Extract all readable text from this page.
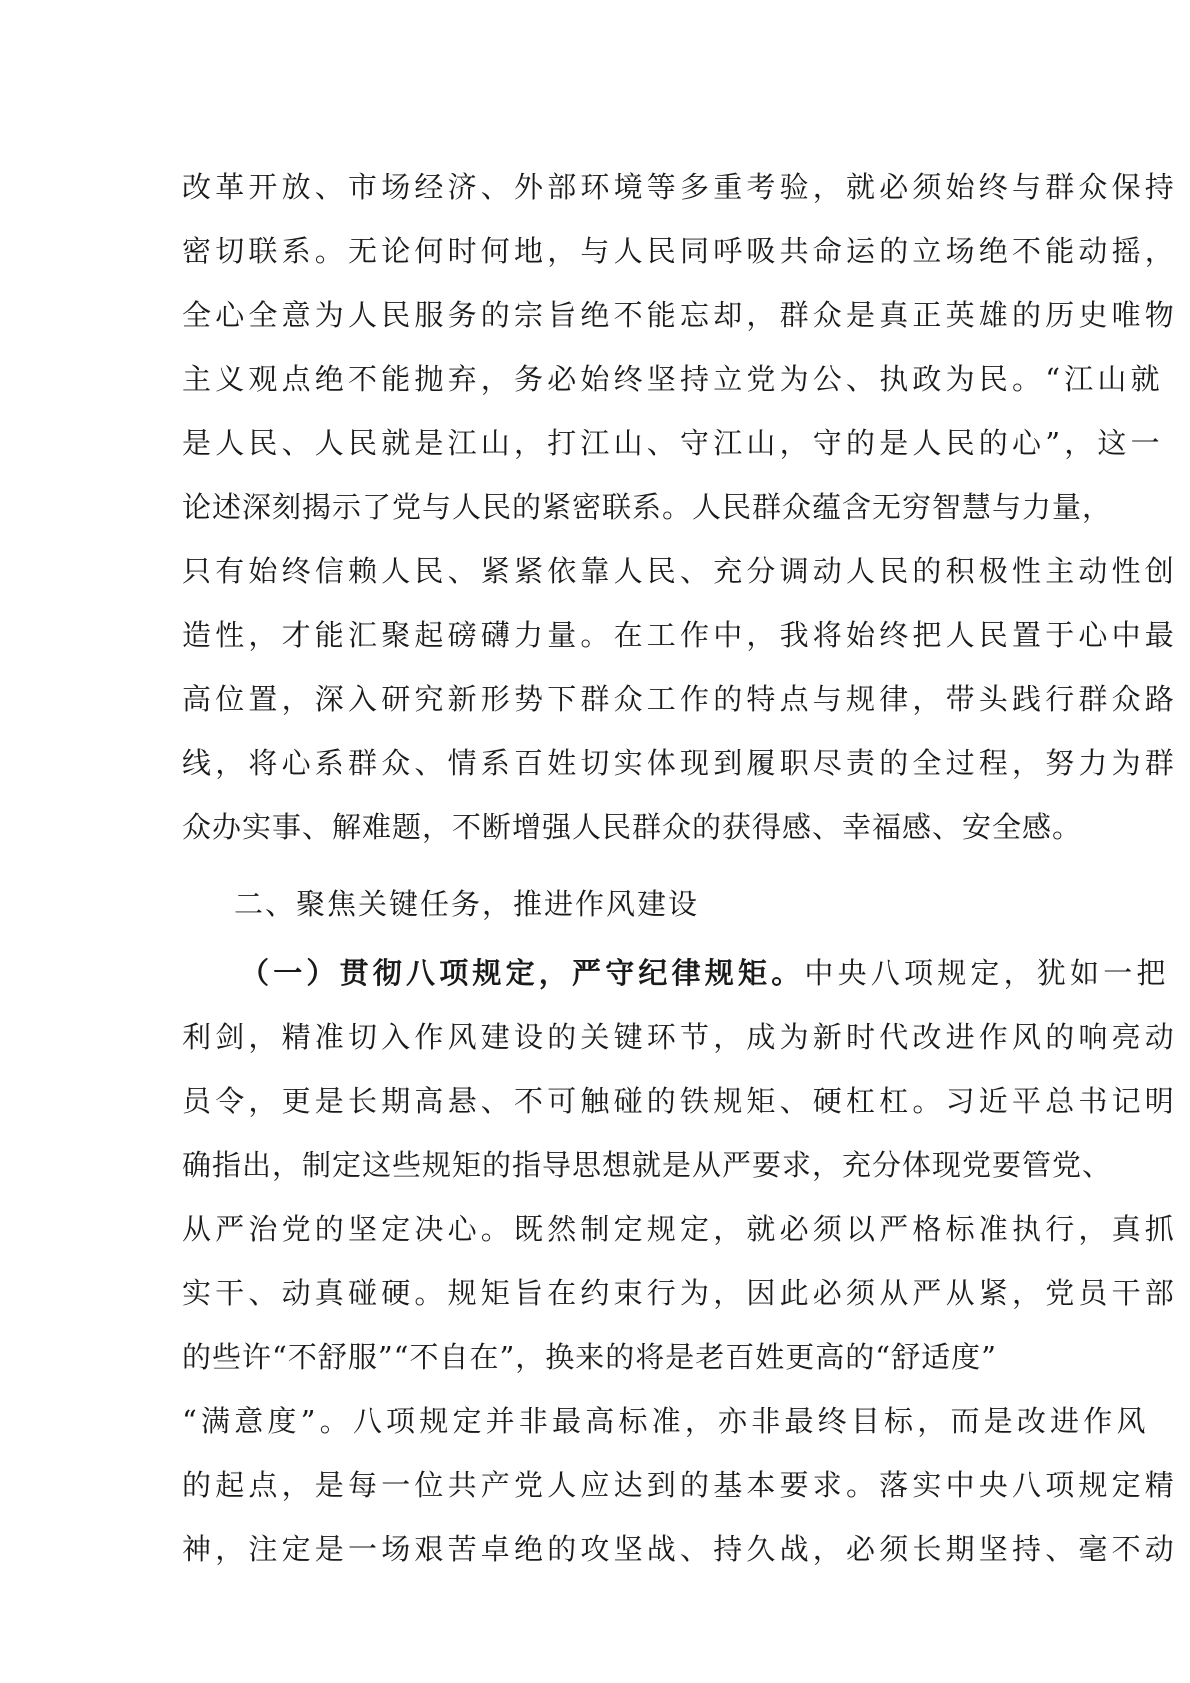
改革开放、市场经济、外部环境等多重考验，就必须始终与群众保持
密切联系。无论何时何地，与人民同呼吸共命运的立场绝不能动摇，
全心全意为人民服务的宗旨绝不能忘却，群众是真正英雄的历史唯物
主义观点绝不能抛弃，务必始终坚持立党为公、执政为民。“江山就
是人民、人民就是江山，打江山、守江山，守的是人民的心”，这一
论述深刻揭示了党与人民的紧密联系。人民群众蕴含无穷智慧与力量，
只有始终信赖人民、紧紧依靠人民、充分调动人民的积极性主动性创
造性，才能汇聚起磅礴力量。在工作中，我将始终把人民置于心中最
高位置，深入研究新形势下群众工作的特点与规律，带头践行群众路
线，将心系群众、情系百姓切实体现到履职尽责的全过程，努力为群
众办实事、解难题，不断增强人民群众的获得感、幸福感、安全感。
二、聚焦关键任务，推进作风建设
（一）贯彻八项规定，严守纪律规矩。中央八项规定，犹如一把
利剑，精准切入作风建设的关键环节，成为新时代改进作风的响亮动
员令，更是长期高悬、不可触碰的铁规矩、硬杠杠。习近平总书记明
确指出，制定这些规矩的指导思想就是从严要求，充分体现党要管党、
从严治党的坚定决心。既然制定规定，就必须以严格标准执行，真抓
实干、动真碰硬。规矩旨在约束行为，因此必须从严从紧，党员干部
的些许“不舒服”“不自在”，换来的将是老百姓更高的“舒适度”
“满意度”。八项规定并非最高标准，亦非最终目标，而是改进作风
的起点，是每一位共产党人应达到的基本要求。落实中央八项规定精
神，注定是一场艰苦卓绝的攻坚战、持久战，必须长期坚持、毫不动
